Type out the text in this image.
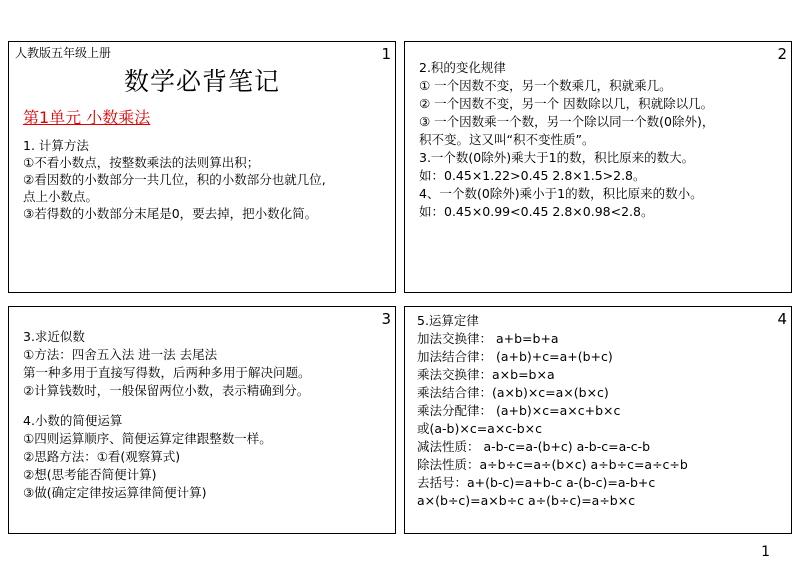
人教版五年级上册	1
数学必背笔记
第1单元 小数乘法
1. 计算方法
①不看小数点，按整数乘法的法则算出积；
②看因数的小数部分一共几位，积的小数部分也就几位,
点上小数点。
③若得数的小数部分末尾是0，要去掉，把小数化简。
2
2.积的变化规律
① 一个因数不变，另一个数乘几，积就乘几。
② 一个因数不变，另一个 因数除以几，积就除以几。
③ 一个因数乘一个数，另一个除以同一个数(0除外)，
积不变。这又叫“积不变性质”。
3.一个数(0除外)乘大于1的数，积比原来的数大。
如：0.45×1.22>0.45 2.8×1.5>2.8。
4、一个数(0除外)乘小于1的数，积比原来的数小。
如：0.45×0.99<0.45 2.8×0.98<2.8。
3
3.求近似数
①方法：四舍五入法 进一法 去尾法
第一种多用于直接写得数，后两种多用于解决问题。
②计算钱数时，一般保留两位小数，表示精确到分。
4.小数的简便运算
①四则运算顺序、简便运算定律跟整数一样。
②思路方法：①看(观察算式)
②想(思考能否简便计算)
③做(确定定律按运算律简便计算)
4
5.运算定律
加法交换律： a+b=b+a
加法结合律： (a+b)+c=a+(b+c)
乘法交换律：a×b=b×a
乘法结合律：(a×b)×c=a×(b×c)
乘法分配律： (a+b)×c=a×c+b×c
或(a-b)×c=a×c-b×c
减法性质： a-b-c=a-(b+c) a-b-c=a-c-b
除法性质：a÷b÷c=a÷(b×c) a÷b÷c=a÷c÷b
去括号：a+(b-c)=a+b-c a-(b-c)=a-b+c
a×(b÷c)=a×b÷c a÷(b÷c)=a÷b×c
1
